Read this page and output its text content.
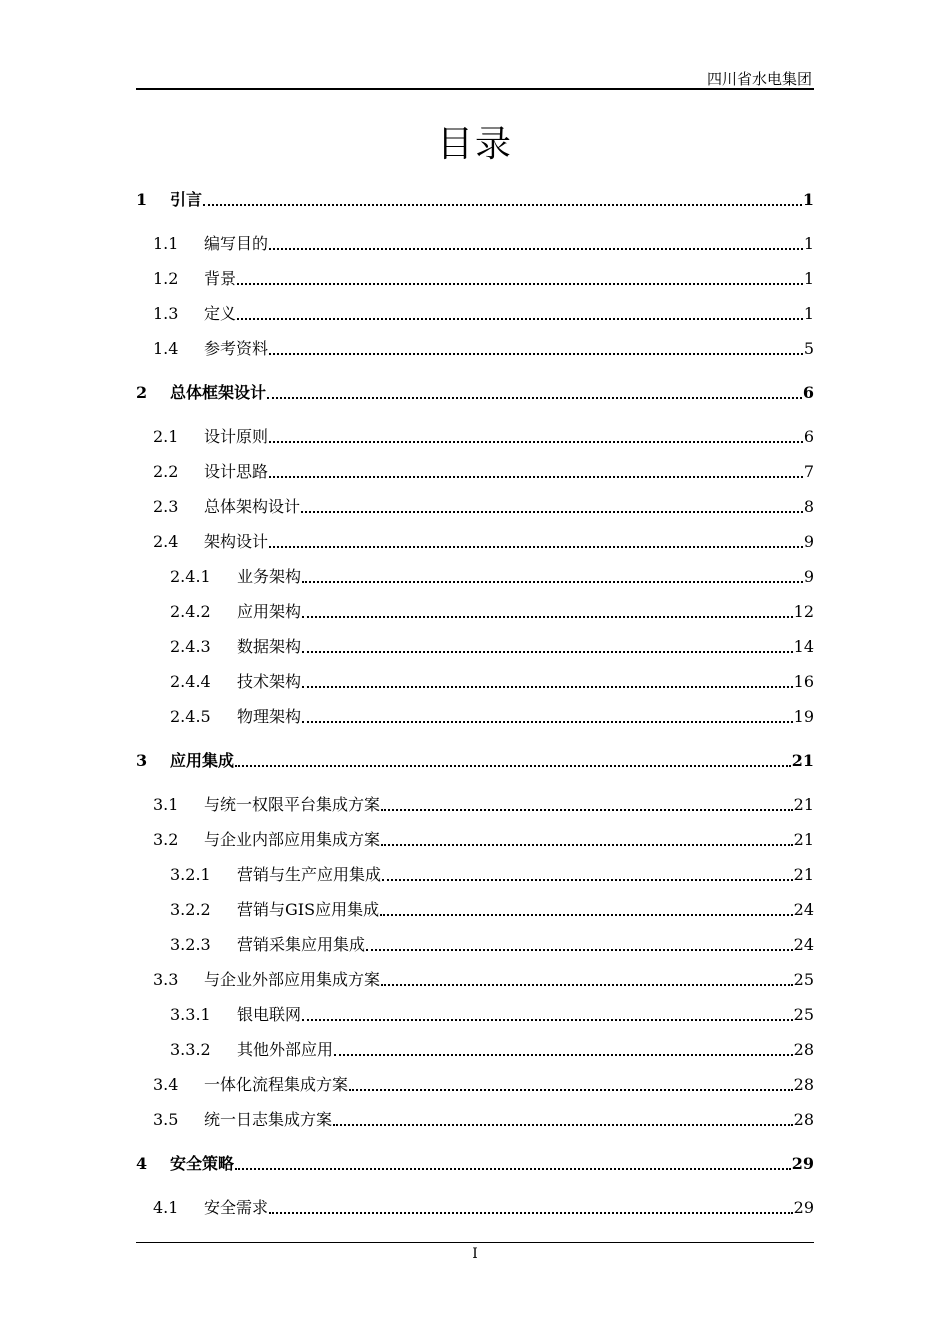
四川省水电集团
目录
1	引言	1
1.1	编写目的	1
1.2	背景	1
1.3	定义	1
1.4	参考资料	5
2	总体框架设计	6
2.1	设计原则	6
2.2	设计思路	7
2.3	总体架构设计	8
2.4	架构设计	9
2.4.1	业务架构	9
2.4.2	应用架构	12
2.4.3	数据架构	14
2.4.4	技术架构	16
2.4.5	物理架构	19
3	应用集成	21
3.1	与统一权限平台集成方案	21
3.2	与企业内部应用集成方案	21
3.2.1	营销与生产应用集成	21
3.2.2	营销与GIS应用集成	24
3.2.3	营销采集应用集成	24
3.3	与企业外部应用集成方案	25
3.3.1	银电联网	25
3.3.2	其他外部应用	28
3.4	一体化流程集成方案	28
3.5	统一日志集成方案	28
4	安全策略	29
4.1	安全需求	29
I
